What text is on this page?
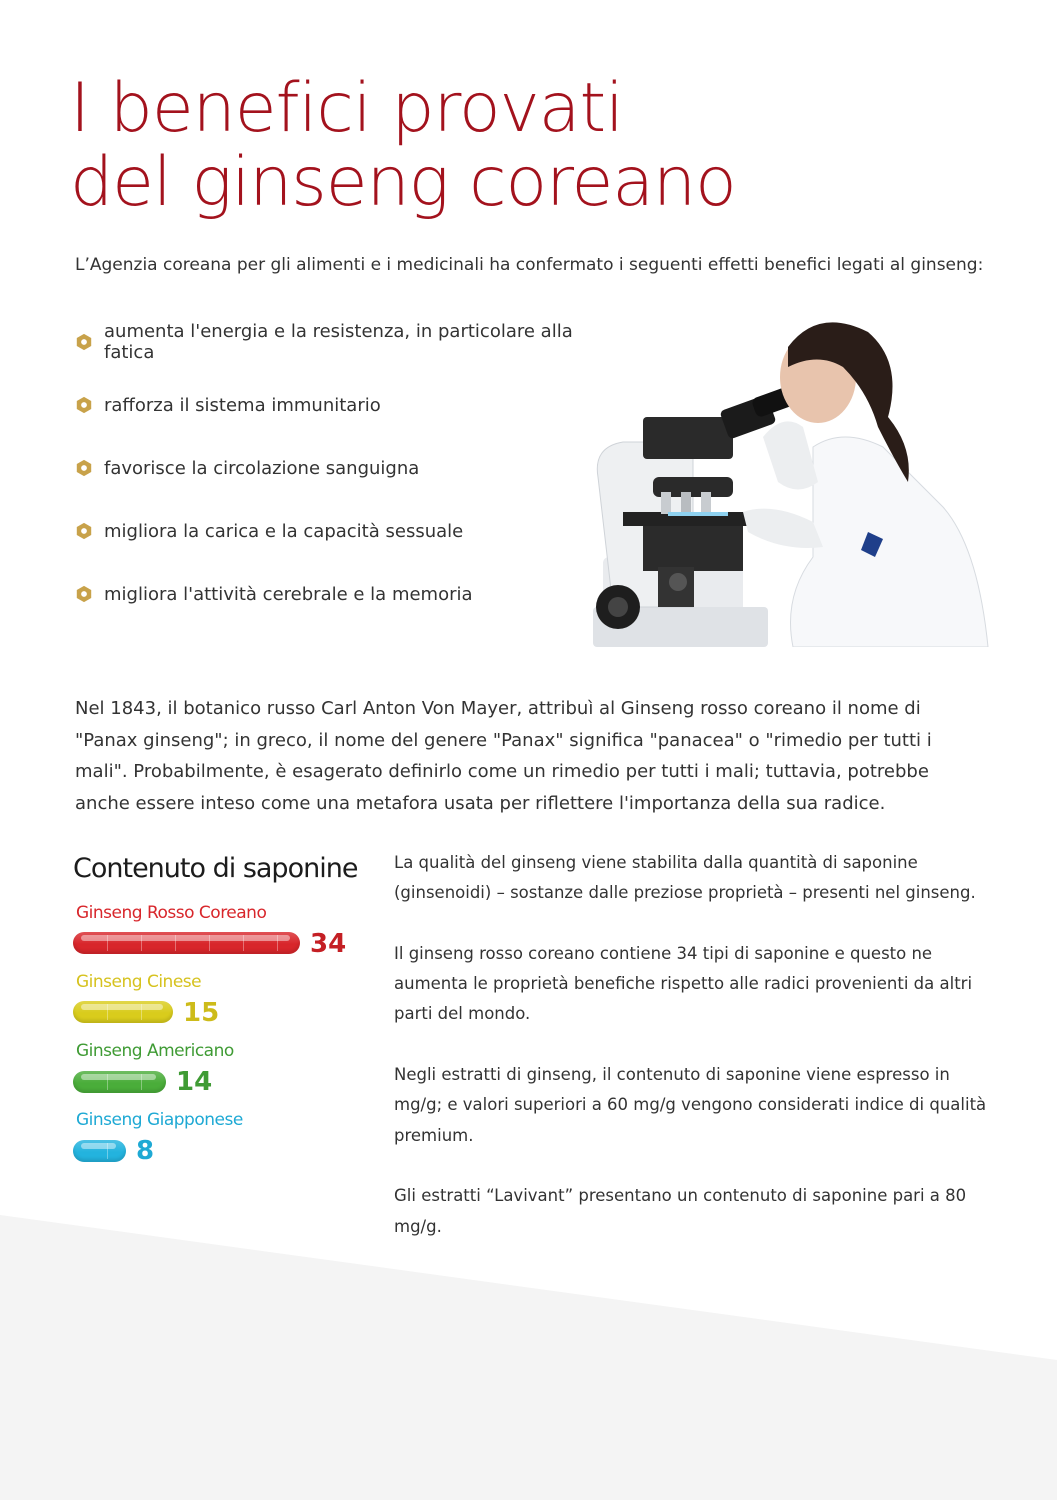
I benefici provati
del ginseng coreano
L’Agenzia coreana per gli alimenti e i medicinali ha confermato i seguenti effetti benefici legati al ginseng:
aumenta l'energia e la resistenza, in particolare alla fatica
rafforza il sistema immunitario
favorisce la circolazione sanguigna
migliora la carica e la capacità sessuale
migliora l'attività cerebrale e la memoria
Nel 1843, il botanico russo Carl Anton Von Mayer, attribuì al Ginseng rosso coreano il nome di "Panax ginseng"; in greco, il nome del genere "Panax" significa "panacea" o "rimedio per tutti i mali". Probabilmente, è esagerato definirlo come un rimedio per tutti i mali; tuttavia, potrebbe anche essere inteso come una metafora usata per riflettere l'importanza della sua radice.
Contenuto di saponine
Ginseng Rosso Coreano
34
Ginseng Cinese
15
Ginseng Americano
14
Ginseng Giapponese
8

La qualità del ginseng viene stabilita dalla quantità di saponine (ginsenoidi) – sostanze dalle preziose proprietà – presenti nel ginseng.

Il ginseng rosso coreano contiene 34 tipi di saponine e questo ne aumenta le proprietà benefiche rispetto alle radici provenienti da altri parti del mondo.

Negli estratti di ginseng, il contenuto di saponine viene espresso in mg/g; e valori superiori a 60 mg/g vengono considerati indice di qualità premium.

Gli estratti “Lavivant” presentano un contenuto di saponine pari a 80 mg/g.
